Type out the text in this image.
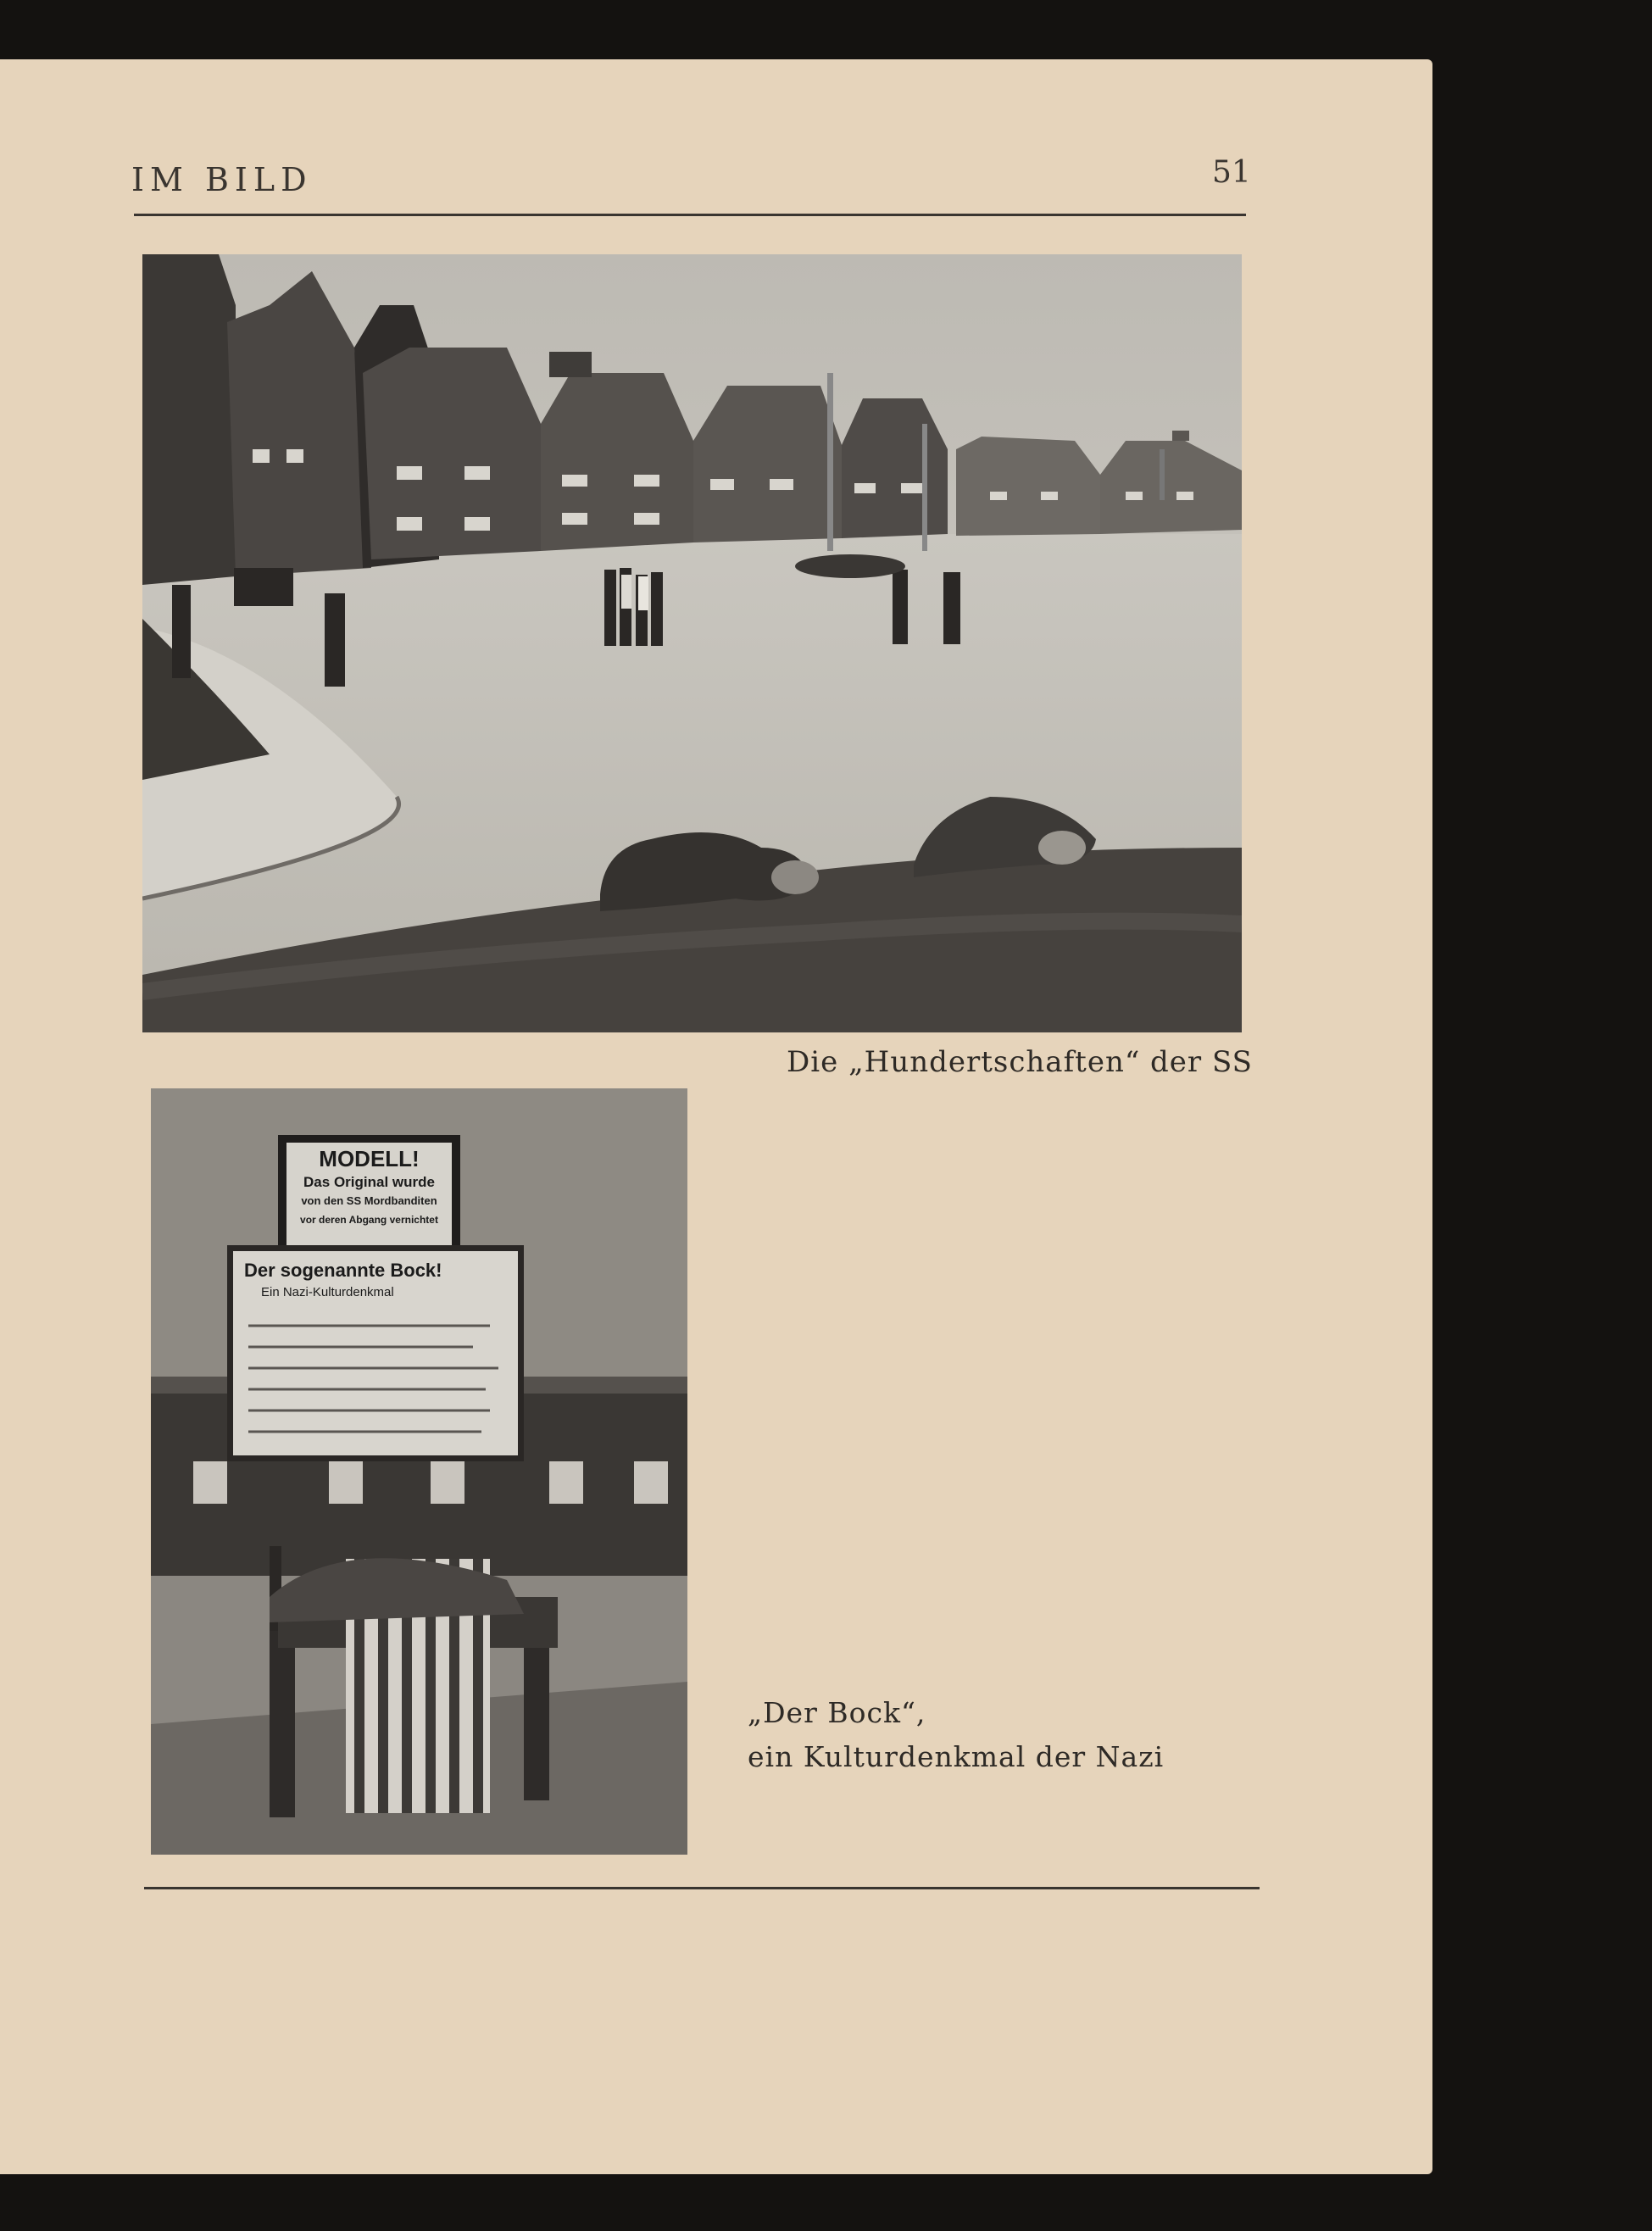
IM BILD	51
Die „Hundertschaften“ der SS
MODELL!
Das Original wurde
von den SS Mordbanditen
vor deren Abgang vernichtet
Der sogenannte Bock!
Ein Nazi-Kulturdenkmal
„Der Bock“,
ein Kulturdenkmal der Nazi
